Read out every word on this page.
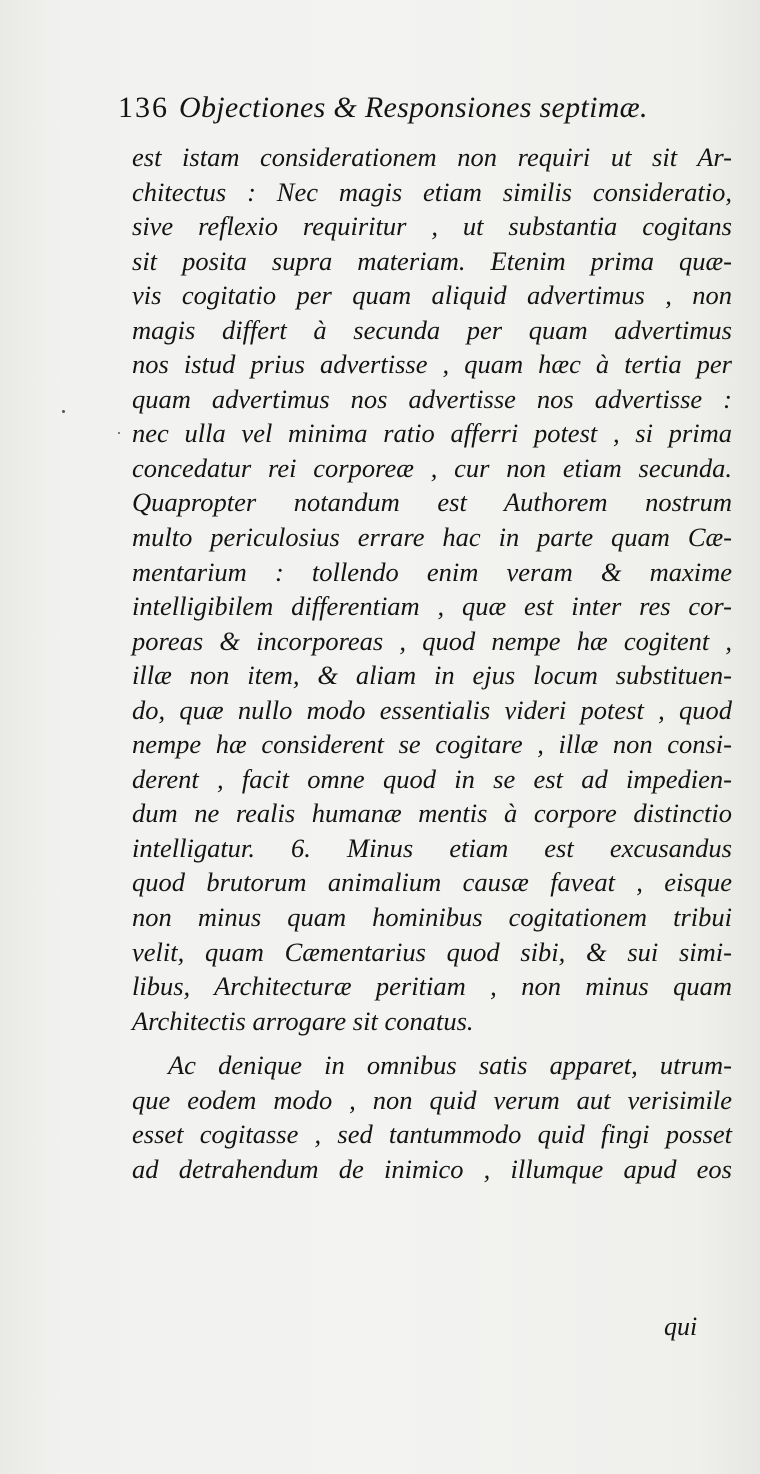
136 Objectiones & Responsiones septimæ.
est istam considerationem non requiri ut sit Ar-
chitectus : Nec magis etiam similis consideratio,
sive reflexio requiritur , ut substantia cogitans
sit posita supra materiam. Etenim prima quæ-
vis cogitatio per quam aliquid advertimus , non
magis differt à secunda per quam advertimus
nos istud prius advertisse , quam hæc à tertia per
quam advertimus nos advertisse nos advertisse :
nec ulla vel minima ratio afferri potest , si prima
concedatur rei corporeæ , cur non etiam secunda.
Quapropter notandum est Authorem nostrum
multo periculosius errare hac in parte quam Cæ-
mentarium : tollendo enim veram & maxime
intelligibilem differentiam , quæ est inter res cor-
poreas & incorporeas , quod nempe hæ cogitent ,
illæ non item, & aliam in ejus locum substituen-
do, quæ nullo modo essentialis videri potest , quod
nempe hæ considerent se cogitare , illæ non consi-
derent , facit omne quod in se est ad impedien-
dum ne realis humanæ mentis à corpore distinctio
intelligatur. 6. Minus etiam est excusandus
quod brutorum animalium causæ faveat , eisque
non minus quam hominibus cogitationem tribui
velit, quam Cæmentarius quod sibi, & sui simi-
libus, Architecturæ peritiam , non minus quam
Architectis arrogare sit conatus.
Ac denique in omnibus satis apparet, utrum-
que eodem modo , non quid verum aut verisimile
esset cogitasse , sed tantummodo quid fingi posset
ad detrahendum de inimico , illumque apud eos
qui
